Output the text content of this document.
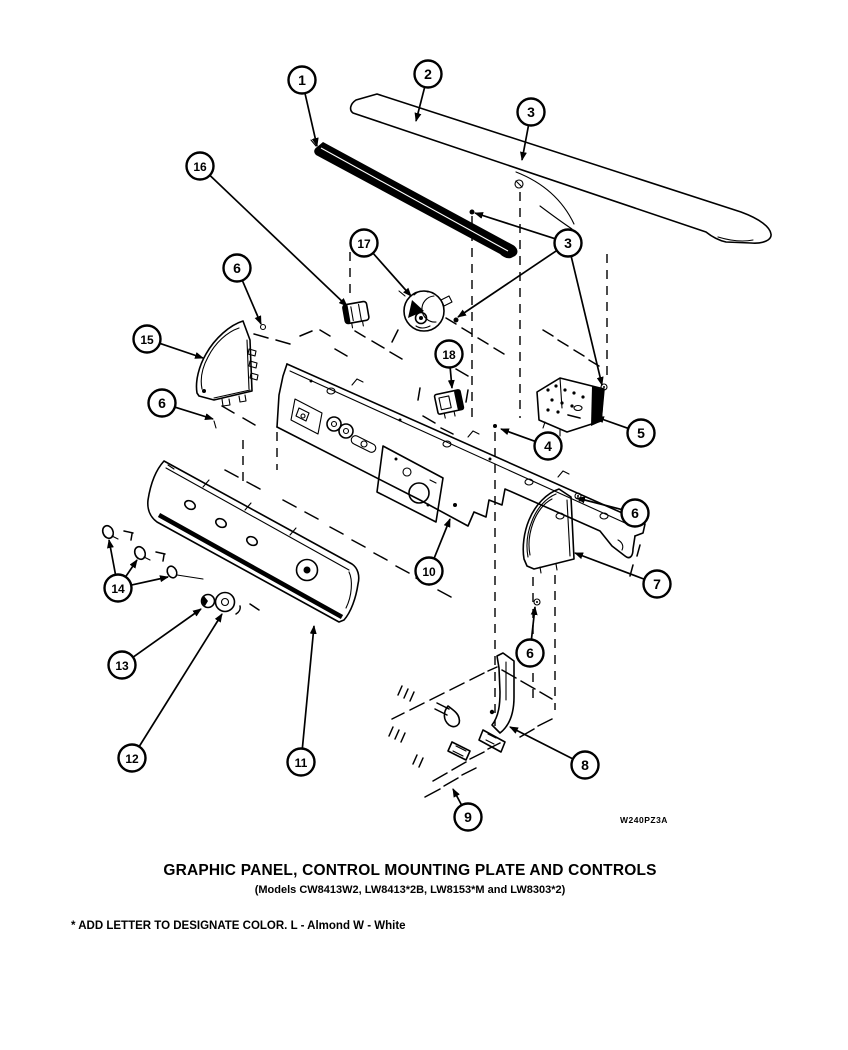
1	2
3
16
17	3
6
15
18
6
5
4
6
7
10
14
13
12	11
6
8
9
GRAPHIC PANEL, CONTROL MOUNTING PLATE AND CONTROLS
(Models CW8413W2, LW8413*2B, LW8153*M and LW8303*2)
* ADD LETTER TO DESIGNATE COLOR. L - Almond W - White
W240PZ3A
